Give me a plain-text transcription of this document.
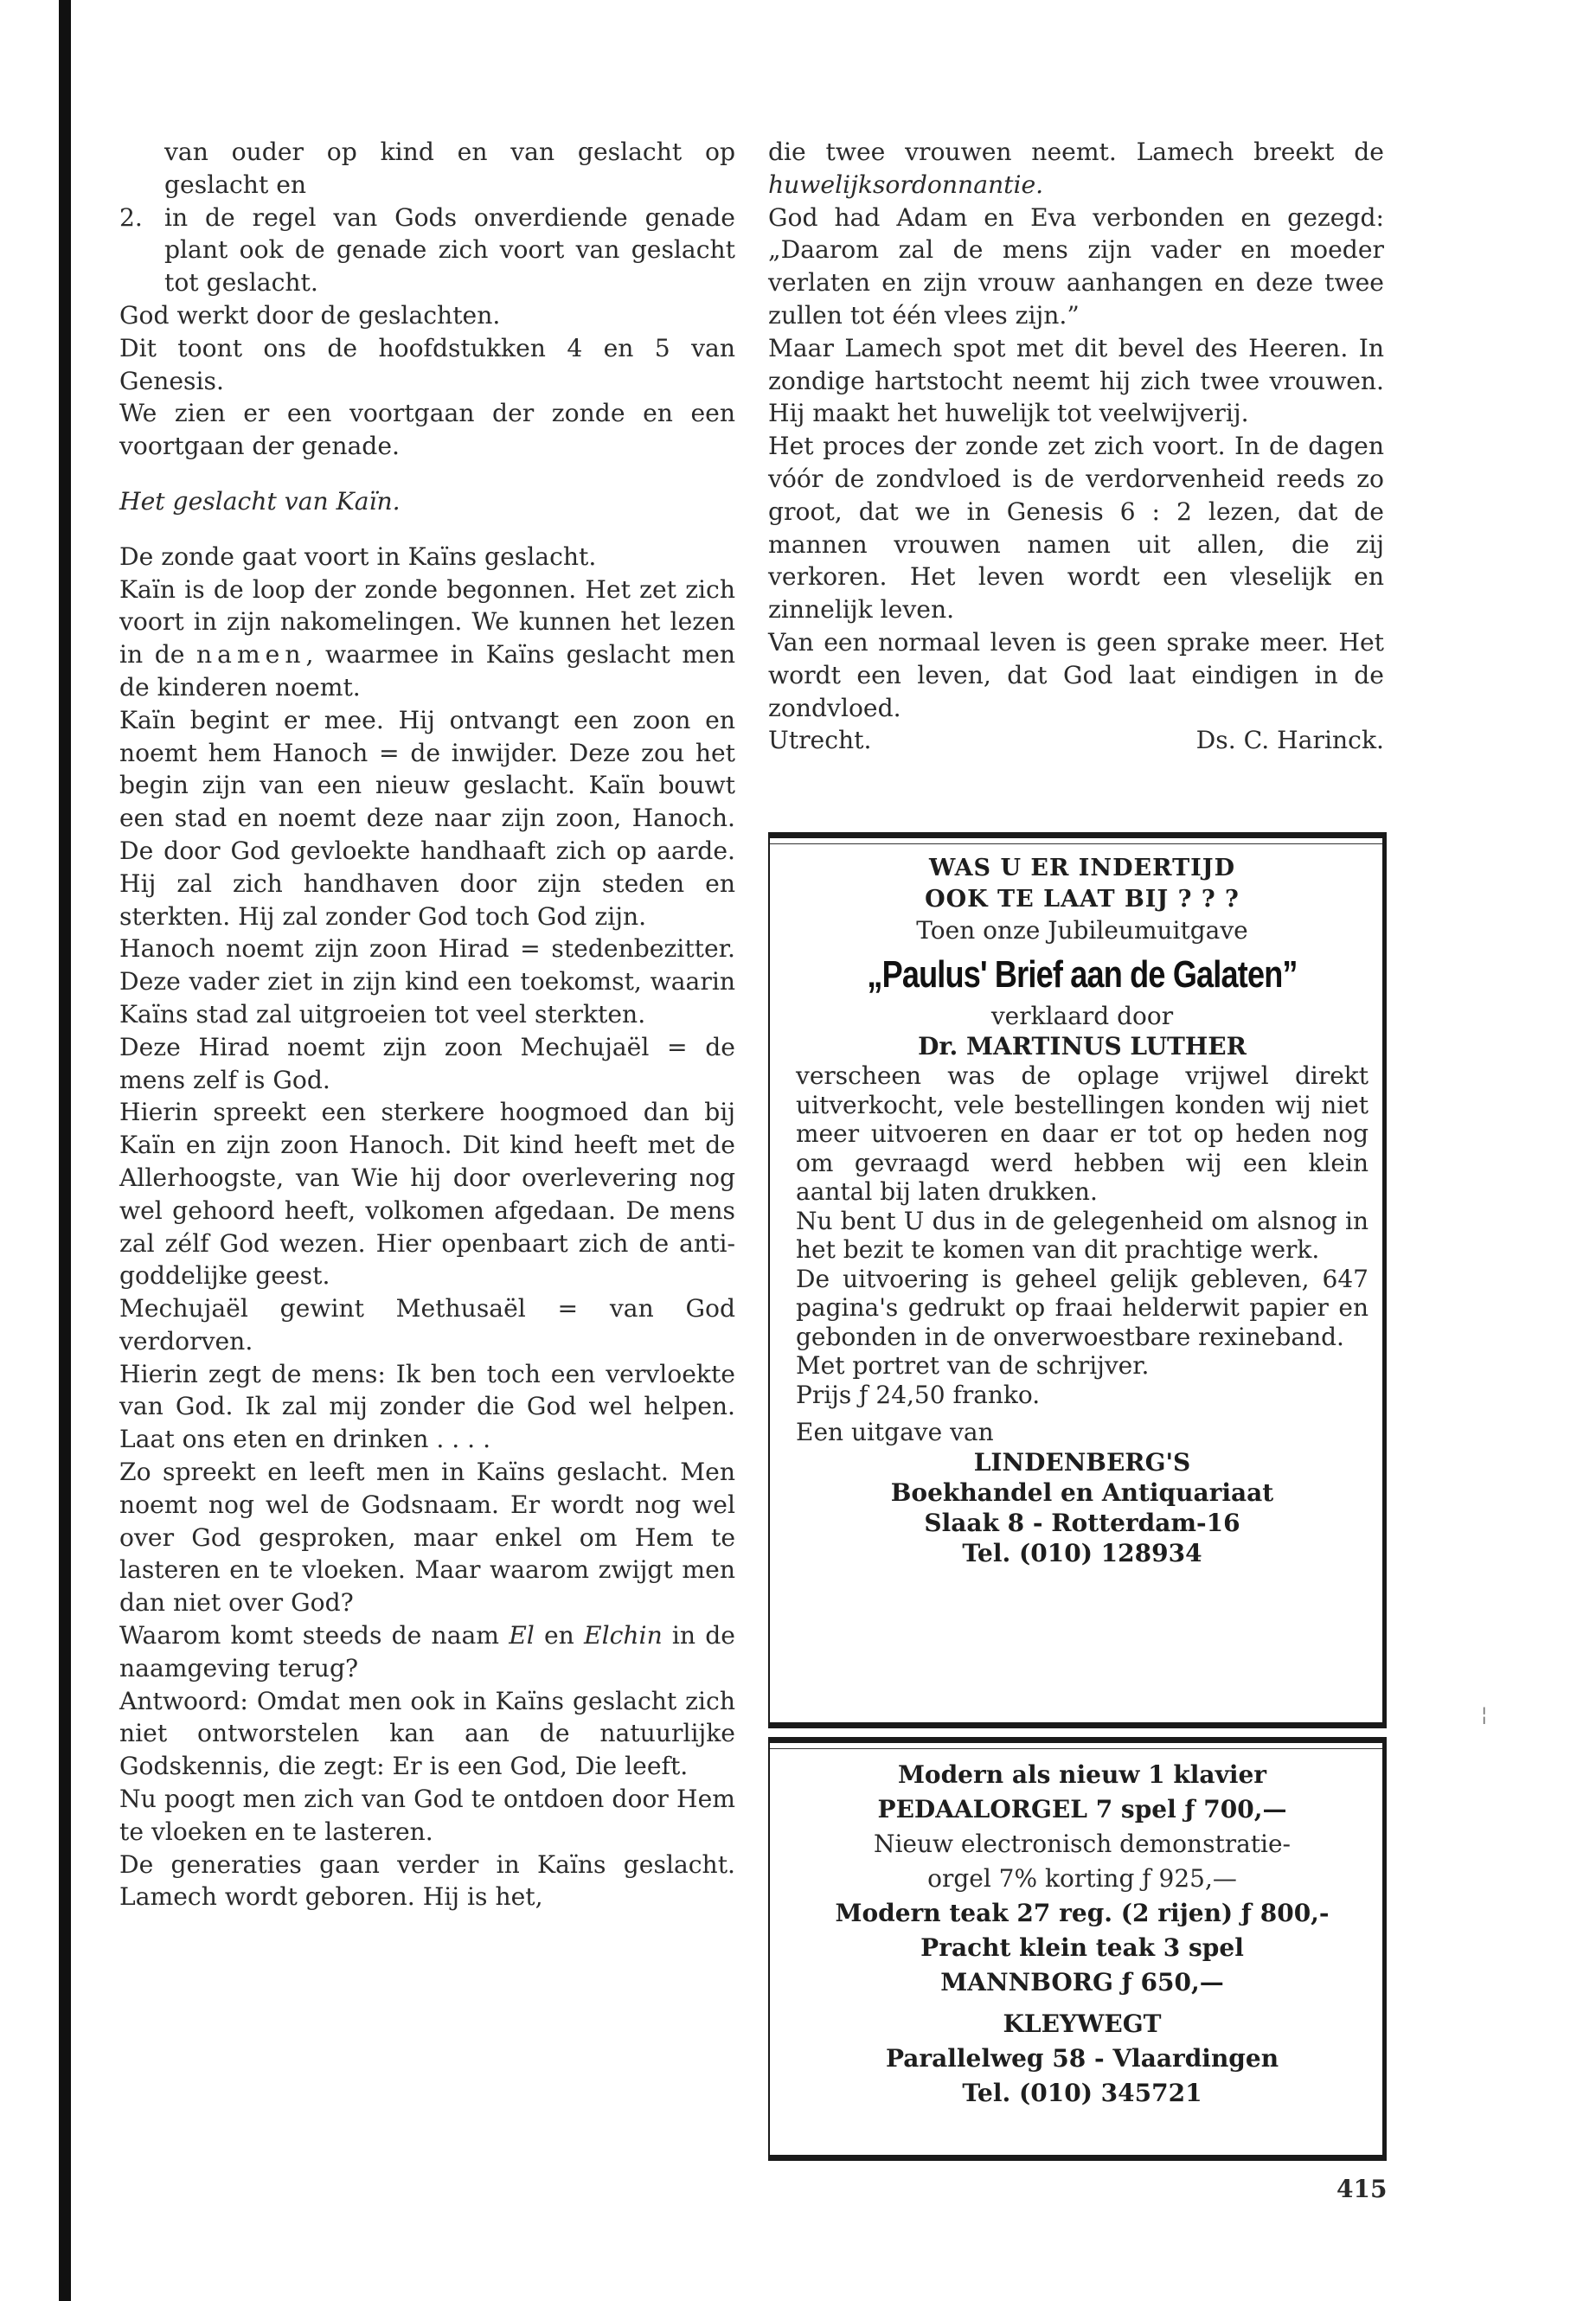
van ouder op kind en van geslacht op geslacht en

2. in de regel van Gods onverdiende genade plant ook de genade zich voort van geslacht tot geslacht.

God werkt door de geslachten.

Dit toont ons de hoofdstukken 4 en 5 van Genesis.

We zien er een voortgaan der zonde en een voortgaan der genade.

Het geslacht van Kaïn.

De zonde gaat voort in Kaïns geslacht.

Kaïn is de loop der zonde begonnen. Het zet zich voort in zijn nakomelingen. We kunnen het lezen in de namen, waarmee in Kaïns geslacht men de kinderen noemt.

Kaïn begint er mee. Hij ontvangt een zoon en noemt hem Hanoch = de inwijder. Deze zou het begin zijn van een nieuw geslacht. Kaïn bouwt een stad en noemt deze naar zijn zoon, Hanoch. De door God gevloekte handhaaft zich op aarde. Hij zal zich handhaven door zijn steden en sterkten. Hij zal zonder God toch God zijn.

Hanoch noemt zijn zoon Hirad = stedenbezitter. Deze vader ziet in zijn kind een toekomst, waarin Kaïns stad zal uitgroeien tot veel sterkten.

Deze Hirad noemt zijn zoon Mechujaël = de mens zelf is God.

Hierin spreekt een sterkere hoogmoed dan bij Kaïn en zijn zoon Hanoch. Dit kind heeft met de Allerhoogste, van Wie hij door overlevering nog wel gehoord heeft, volkomen afgedaan. De mens zal zélf God wezen. Hier openbaart zich de anti-goddelijke geest.

Mechujaël gewint Methusaël = van God verdorven.

Hierin zegt de mens: Ik ben toch een vervloekte van God. Ik zal mij zonder die God wel helpen. Laat ons eten en drinken . . . .

Zo spreekt en leeft men in Kaïns geslacht. Men noemt nog wel de Godsnaam. Er wordt nog wel over God gesproken, maar enkel om Hem te lasteren en te vloeken. Maar waarom zwijgt men dan niet over God?

Waarom komt steeds de naam El en Elchin in de naamgeving terug?

Antwoord: Omdat men ook in Kaïns geslacht zich niet ontworstelen kan aan de natuurlijke Godskennis, die zegt: Er is een God, Die leeft.

Nu poogt men zich van God te ontdoen door Hem te vloeken en te lasteren.

De generaties gaan verder in Kaïns geslacht. Lamech wordt geboren. Hij is het,

die twee vrouwen neemt. Lamech breekt de huwelijksordonnantie.

God had Adam en Eva verbonden en gezegd: „Daarom zal de mens zijn vader en moeder verlaten en zijn vrouw aanhangen en deze twee zullen tot één vlees zijn.”

Maar Lamech spot met dit bevel des Heeren. In zondige hartstocht neemt hij zich twee vrouwen. Hij maakt het huwelijk tot veelwijverij.

Het proces der zonde zet zich voort. In de dagen vóór de zondvloed is de verdorvenheid reeds zo groot, dat we in Genesis 6 : 2 lezen, dat de mannen vrouwen namen uit allen, die zij verkoren. Het leven wordt een vleselijk en zinnelijk leven.

Van een normaal leven is geen sprake meer. Het wordt een leven, dat God laat eindigen in de zondvloed.

Utrecht.	Ds. C. Harinck.

WAS U ER INDERTIJD

OOK TE LAAT BIJ ? ? ?

Toen onze Jubileumuitgave

„Paulus' Brief aan de Galaten”

verklaard door

Dr. MARTINUS LUTHER

verscheen was de oplage vrijwel direkt uitverkocht, vele bestellingen konden wij niet meer uitvoeren en daar er tot op heden nog om gevraagd werd hebben wij een klein aantal bij laten drukken.

Nu bent U dus in de gelegenheid om alsnog in het bezit te komen van dit prachtige werk.

De uitvoering is geheel gelijk gebleven, 647 pagina's gedrukt op fraai helderwit papier en gebonden in de onverwoestbare rexineband.

Met portret van de schrijver.

Prijs ƒ 24,50 franko.

Een uitgave van

LINDENBERG'S

Boekhandel en Antiquariaat

Slaak 8 - Rotterdam-16

Tel. (010) 128934

Modern als nieuw 1 klavier

PEDAALORGEL 7 spel ƒ 700,—

Nieuw electronisch demonstratie-

orgel 7% korting ƒ 925,—

Modern teak 27 reg. (2 rijen) ƒ 800,-

Pracht klein teak 3 spel

MANNBORG ƒ 650,—

KLEYWEGT

Parallelweg 58 - Vlaardingen

Tel. (010) 345721

¦
415
